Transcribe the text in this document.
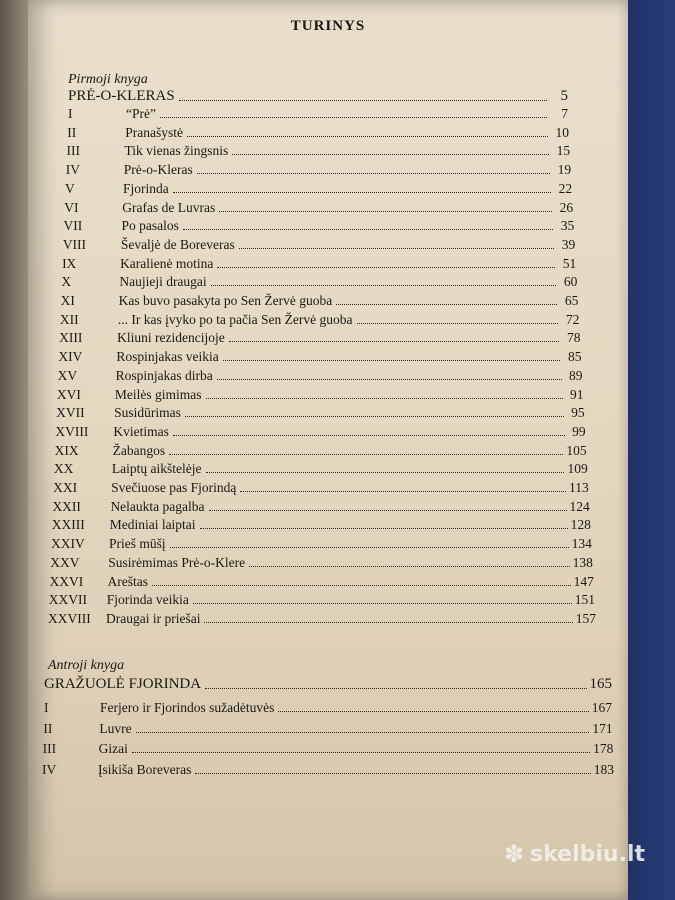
TURINYS
Pirmoji knyga
PRĖ-O-KLERAS	5
I	“Prė”	7
II	Pranašystė	10
III	Tik vienas žingsnis	15
IV	Prė-o-Kleras	19
V	Fjorinda	22
VI	Grafas de Luvras	26
VII	Po pasalos	35
VIII	Ševaljė de Boreveras	39
IX	Karalienė motina	51
X	Naujieji draugai	60
XI	Kas buvo pasakyta po Sen Žervė guoba	65
XII	... Ir kas įvyko po ta pačia Sen Žervė guoba	72
XIII	Kliuni rezidencijoje	78
XIV	Rospinjakas veikia	85
XV	Rospinjakas dirba	89
XVI	Meilės gimimas	91
XVII	Susidūrimas	95
XVIII	Kvietimas	99
XIX	Žabangos	105
XX	Laiptų aikštelėje	109
XXI	Svečiuose pas Fjorindą	113
XXII	Nelaukta pagalba	124
XXIII	Mediniai laiptai	128
XXIV	Prieš mūšį	134
XXV	Susirėmimas Prė-o-Klere	138
XXVI	Areštas	147
XXVII	Fjorinda veikia	151
XXVIII	Draugai ir priešai	157
Antroji knyga
GRAŽUOLĖ FJORINDA	165
I	Ferjero ir Fjorindos sužadėtuvės	167
II	Luvre	171
III	Gizai	178
IV	Įsikiša Boreveras	183
✽ skelbiu.lt
